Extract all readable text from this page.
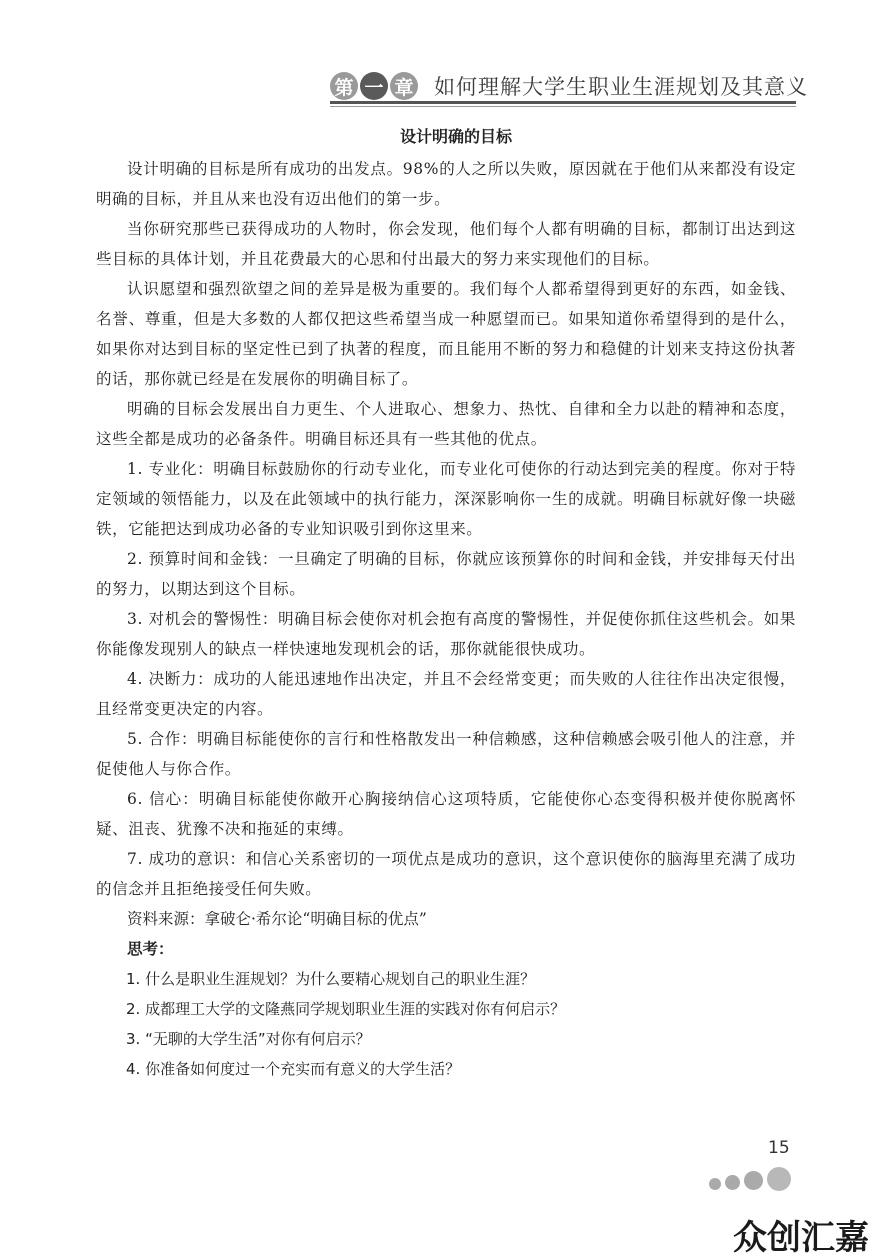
第 一 章 如何理解大学生职业生涯规划及其意义
设计明确的目标

设计明确的目标是所有成功的出发点。98%的人之所以失败，原因就在于他们从来都没有设定明确的目标，并且从来也没有迈出他们的第一步。

当你研究那些已获得成功的人物时，你会发现，他们每个人都有明确的目标，都制订出达到这些目标的具体计划，并且花费最大的心思和付出最大的努力来实现他们的目标。

认识愿望和强烈欲望之间的差异是极为重要的。我们每个人都希望得到更好的东西，如金钱、名誉、尊重，但是大多数的人都仅把这些希望当成一种愿望而已。如果知道你希望得到的是什么，如果你对达到目标的坚定性已到了执著的程度，而且能用不断的努力和稳健的计划来支持这份执著的话，那你就已经是在发展你的明确目标了。

明确的目标会发展出自力更生、个人进取心、想象力、热忱、自律和全力以赴的精神和态度，这些全都是成功的必备条件。明确目标还具有一些其他的优点。

1. 专业化：明确目标鼓励你的行动专业化，而专业化可使你的行动达到完美的程度。你对于特定领域的领悟能力，以及在此领域中的执行能力，深深影响你一生的成就。明确目标就好像一块磁铁，它能把达到成功必备的专业知识吸引到你这里来。

2. 预算时间和金钱：一旦确定了明确的目标，你就应该预算你的时间和金钱，并安排每天付出的努力，以期达到这个目标。

3. 对机会的警惕性：明确目标会使你对机会抱有高度的警惕性，并促使你抓住这些机会。如果你能像发现别人的缺点一样快速地发现机会的话，那你就能很快成功。

4. 决断力：成功的人能迅速地作出决定，并且不会经常变更；而失败的人往往作出决定很慢，且经常变更决定的内容。

5. 合作：明确目标能使你的言行和性格散发出一种信赖感，这种信赖感会吸引他人的注意，并促使他人与你合作。

6. 信心：明确目标能使你敞开心胸接纳信心这项特质，它能使你心态变得积极并使你脱离怀疑、沮丧、犹豫不决和拖延的束缚。

7. 成功的意识：和信心关系密切的一项优点是成功的意识，这个意识使你的脑海里充满了成功的信念并且拒绝接受任何失败。

资料来源：拿破仑·希尔论“明确目标的优点”

思考：

1. 什么是职业生涯规划？为什么要精心规划自己的职业生涯？

2. 成都理工大学的文隆燕同学规划职业生涯的实践对你有何启示？

3. “无聊的大学生活”对你有何启示？

4. 你准备如何度过一个充实而有意义的大学生活？

15
众创汇嘉
